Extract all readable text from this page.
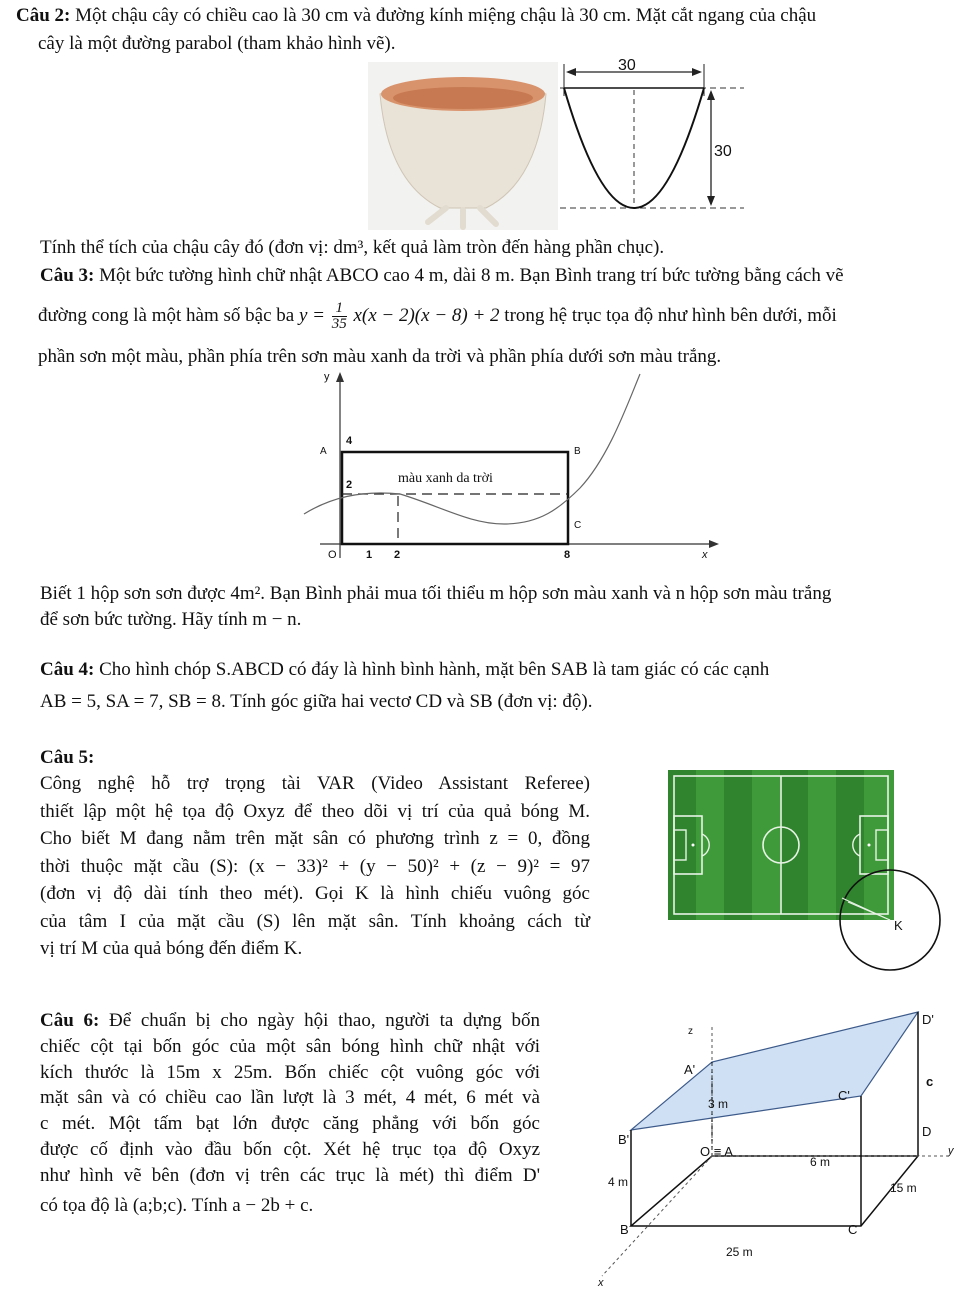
Câu 2: Một chậu cây có chiều cao là 30 cm và đường kính miệng chậu là 30 cm. Mặt cắt ngang của chậu
cây là một đường parabol (tham khảo hình vẽ).
30
30
Tính thể tích của chậu cây đó (đơn vị: dm³, kết quả làm tròn đến hàng phần chục).
Câu 3: Một bức tường hình chữ nhật ABCO cao 4 m, dài 8 m. Bạn Bình trang trí bức tường bằng cách vẽ
đường cong là một hàm số bậc ba $y = \frac{1}{35} x(x - 2)(x - 8) + 2$ trong hệ trục tọa độ như hình bên dưới, mỗi
phần sơn một màu, phần phía trên sơn màu xanh da trời và phần phía dưới sơn màu trắng.
y
x
O
A	B
C
4
2
1 2	8
màu xanh da trời
Biết 1 hộp sơn sơn được 4m². Bạn Bình phải mua tối thiểu m hộp sơn màu xanh và n hộp sơn màu trắng
để sơn bức tường. Hãy tính m − n.
Câu 4: Cho hình chóp S.ABCD có đáy là hình bình hành, mặt bên SAB là tam giác có các cạnh
AB = 5, SA = 7, SB = 8. Tính góc giữa hai vectơ CD và SB (đơn vị: độ).
Câu 5:
Công nghệ hỗ trợ trọng tài VAR (Video Assistant Referee)
thiết lập một hệ tọa độ Oxyz để theo dõi vị trí của quả bóng M.
Cho biết M đang nằm trên mặt sân có phương trình z = 0, đồng
thời thuộc mặt cầu (S): (x − 33)² + (y − 50)² + (z − 9)² = 97
(đơn vị độ dài tính theo mét). Gọi K là hình chiếu vuông góc
của tâm I của mặt cầu (S) lên mặt sân. Tính khoảng cách từ
vị trí M của quả bóng đến điểm K.
K
Câu 6: Để chuẩn bị cho ngày hội thao, người ta dựng bốn
chiếc cột tại bốn góc của một sân bóng hình chữ nhật với
kích thước là 15m x 25m. Bốn chiếc cột vuông góc với
mặt sân và có chiều cao lần lượt là 3 mét, 4 mét, 6 mét và
c mét. Một tấm bạt lớn được căng phẳng với bốn góc
được cố định vào đầu bốn cột. Xét hệ trục tọa độ Oxyz
như hình vẽ bên (đơn vị trên các trục là mét) thì điểm D'
có tọa độ là (a;b;c). Tính a − 2b + c.
z
y
x
D'
A'
C'
B'
c
D
B	C
O ≡ A
3 m
4 m
6 m
15 m
25 m
